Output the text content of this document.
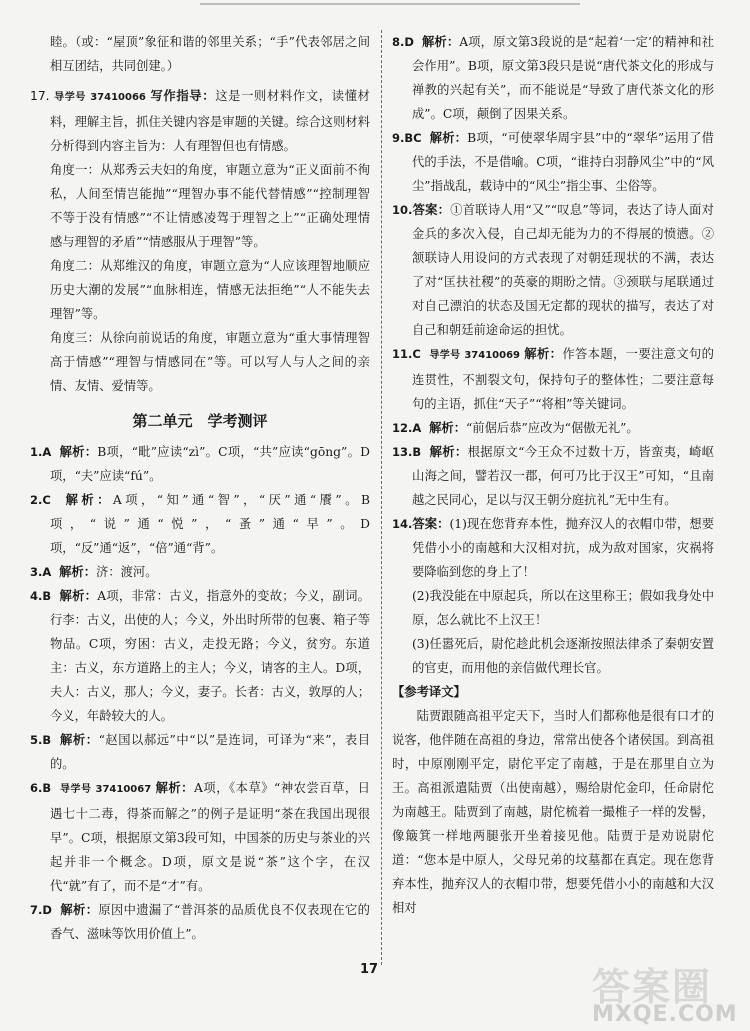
睦。（或：“屋顶”象征和谐的邻里关系；“手”代表邻居之间相互团结，共同创建。）

17. 导学号 37410066 写作指导：这是一则材料作文，读懂材料，理解主旨，抓住关键内容是审题的关键。综合这则材料分析得到内容主旨为：人有理智但也有情感。

角度一：从郑秀云夫妇的角度，审题立意为“正义面前不徇私，人间至情岂能抛”“理智办事不能代替情感”“控制理智不等于没有情感”“不让情感凌驾于理智之上”“正确处理情感与理智的矛盾”“情感服从于理智”等。

角度二：从郑维汉的角度，审题立意为“人应该理智地顺应历史大潮的发展”“血脉相连，情感无法拒绝”“人不能失去理智”等。

角度三：从徐向前说话的角度，审题立意为“重大事情理智高于情感”“理智与情感同在”等。可以写人与人之间的亲情、友情、爱情等。

第二单元　学考测评

1.A 解析：B项，“毗”应读“zì”。C项，“共”应读“gōng”。D项，“夫”应读“fú”。

2.C 解析：A项，“知”通“智”，“厌”通“餍”。B项，“说”通“悦”，“蚤”通“早”。D项，“反”通“返”，“倍”通“背”。

3.A 解析：济：渡河。

4.B 解析：A项，非常：古义，指意外的变故；今义，副词。行李：古义，出使的人；今义，外出时所带的包裹、箱子等物品。C项，穷困：古义，走投无路；今义，贫穷。东道主：古义，东方道路上的主人；今义，请客的主人。D项，夫人：古义，那人；今义，妻子。长者：古义，敦厚的人；今义，年龄较大的人。

5.B 解析：“赵国以郝远”中“以”是连词，可译为“来”，表目的。

6.B 导学号 37410067 解析：A项，《本草》“神农尝百草，日遇七十二毒，得茶而解之”的例子是证明“茶在我国出现很早”。C项，根据原文第3段可知，中国茶的历史与茶业的兴起并非一个概念。D项，原文是说“茶”这个字，在汉代“就”有了，而不是“才”有。

7.D 解析：原因中遗漏了“普洱茶的品质优良不仅表现在它的香气、滋味等饮用价值上”。

8.D 解析：A项，原文第3段说的是“起着‘一定’的精神和社会作用”。B项，原文第3段只是说“唐代茶文化的形成与禅教的兴起有关”，而不能说是“导致了唐代茶文化的形成”。C项，颠倒了因果关系。

9.BC 解析：B项，“可使翠华周宇县”中的“翠华”运用了借代的手法，不是借喻。C项，“谁持白羽静风尘”中的“风尘”指战乱，载诗中的“风尘”指尘事、尘俗等。

10.答案：①首联诗人用“又”“叹息”等词，表达了诗人面对金兵的多次入侵，自己却无能为力的不得展的愤懑。②颔联诗人用设问的方式表现了对朝廷现状的不满，表达了对“匡扶社稷”的英豪的期盼之情。③颈联与尾联通过对自己漂泊的状态及国无定都的现状的描写，表达了对自己和朝廷前途命运的担忧。

11.C 导学号 37410069 解析：作答本题，一要注意文句的连贯性，不割裂文句，保持句子的整体性；二要注意每句的主语，抓住“天子”“将相”等关键词。

12.A 解析：“前倨后恭”应改为“倨傲无礼”。

13.B 解析：根据原文“今王众不过数十万，皆蛮夷，崎岖山海之间，譬若汉一郡，何可乃比于汉王”可知，“且南越之民同心，足以与汉王朝分庭抗礼”无中生有。

14.答案：(1)现在您背弃本性，抛弃汉人的衣帽巾带，想要凭借小小的南越和大汉相对抗，成为敌对国家，灾祸将要降临到您的身上了！

(2)我没能在中原起兵，所以在这里称王；假如我身处中原，怎么就比不上汉王！

(3)任嚣死后，尉佗趁此机会逐渐按照法律杀了秦朝安置的官吏，而用他的亲信做代理长官。

【参考译文】

陆贾跟随高祖平定天下，当时人们都称他是很有口才的说客，他伴随在高祖的身边，常常出使各个诸侯国。到高祖时，中原刚刚平定，尉佗平定了南越，于是在那里自立为王。高祖派遣陆贾（出使南越），赐给尉佗金印，任命尉佗为南越王。陆贾到了南越，尉佗梳着一撮椎子一样的发髻，像簸箕一样地两腿张开坐着接见他。陆贾于是劝说尉佗道：“您本是中原人，父母兄弟的坟墓都在真定。现在您背弃本性，抛弃汉人的衣帽巾带，想要凭借小小的南越和大汉相对

17	答案圈
MXQE.COM
